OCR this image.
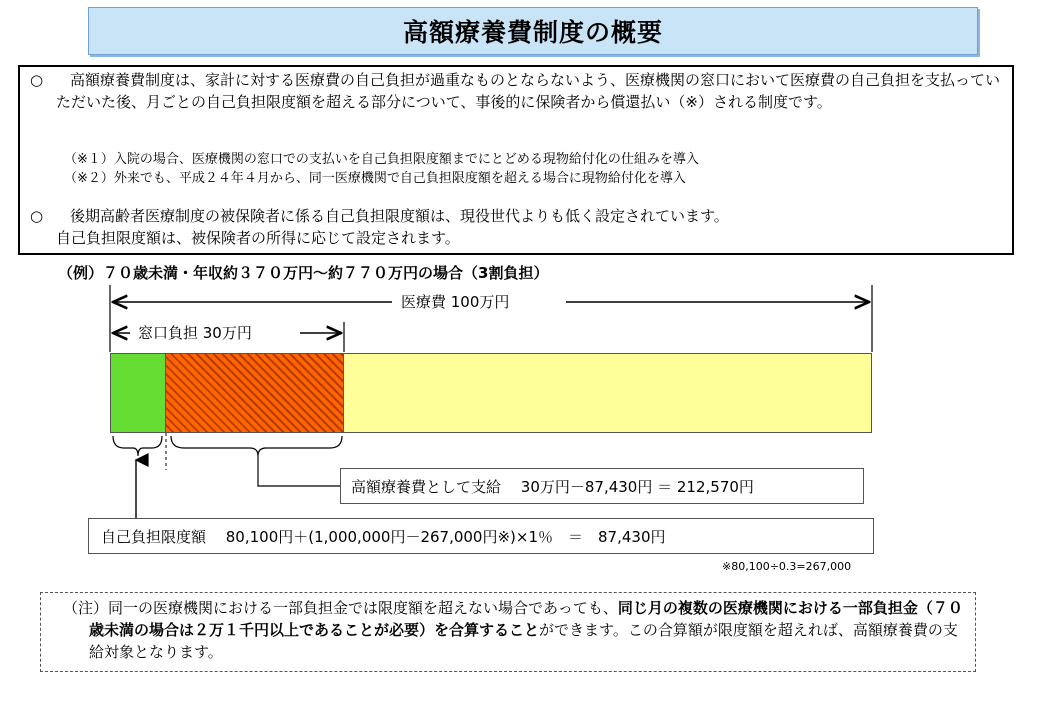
高額療養費制度の概要
○	高額療養費制度は、家計に対する医療費の自己負担が過重なものとならないよう、医療機関の窓口において医療費の自己負担を支払っていただいた後、月ごとの自己負担限度額を超える部分について、事後的に保険者から償還払い（※）される制度です。
（※１）入院の場合、医療機関の窓口での支払いを自己負担限度額までにとどめる現物給付化の仕組みを導入
（※２）外来でも、平成２４年４月から、同一医療機関で自己負担限度額を超える場合に現物給付化を導入
○	後期高齢者医療制度の被保険者に係る自己負担限度額は、現役世代よりも低く設定されています。
自己負担限度額は、被保険者の所得に応じて設定されます。
（例）７０歳未満・年収約３７０万円～約７７０万円の場合（3割負担）
医療費 100万円
窓口負担 30万円
高額療養費として支給　 30万円－87,430円 ＝ 212,570円
自己負担限度額　 80,100円＋(1,000,000円－267,000円※)×1％　＝　87,430円
※80,100÷0.3=267,000
（注）同一の医療機関における一部負担金では限度額を超えない場合であっても、同じ月の複数の医療機関における一部負担金（７０歳未満の場合は２万１千円以上であることが必要）を合算することができます。この合算額が限度額を超えれば、高額療養費の支給対象となります。
